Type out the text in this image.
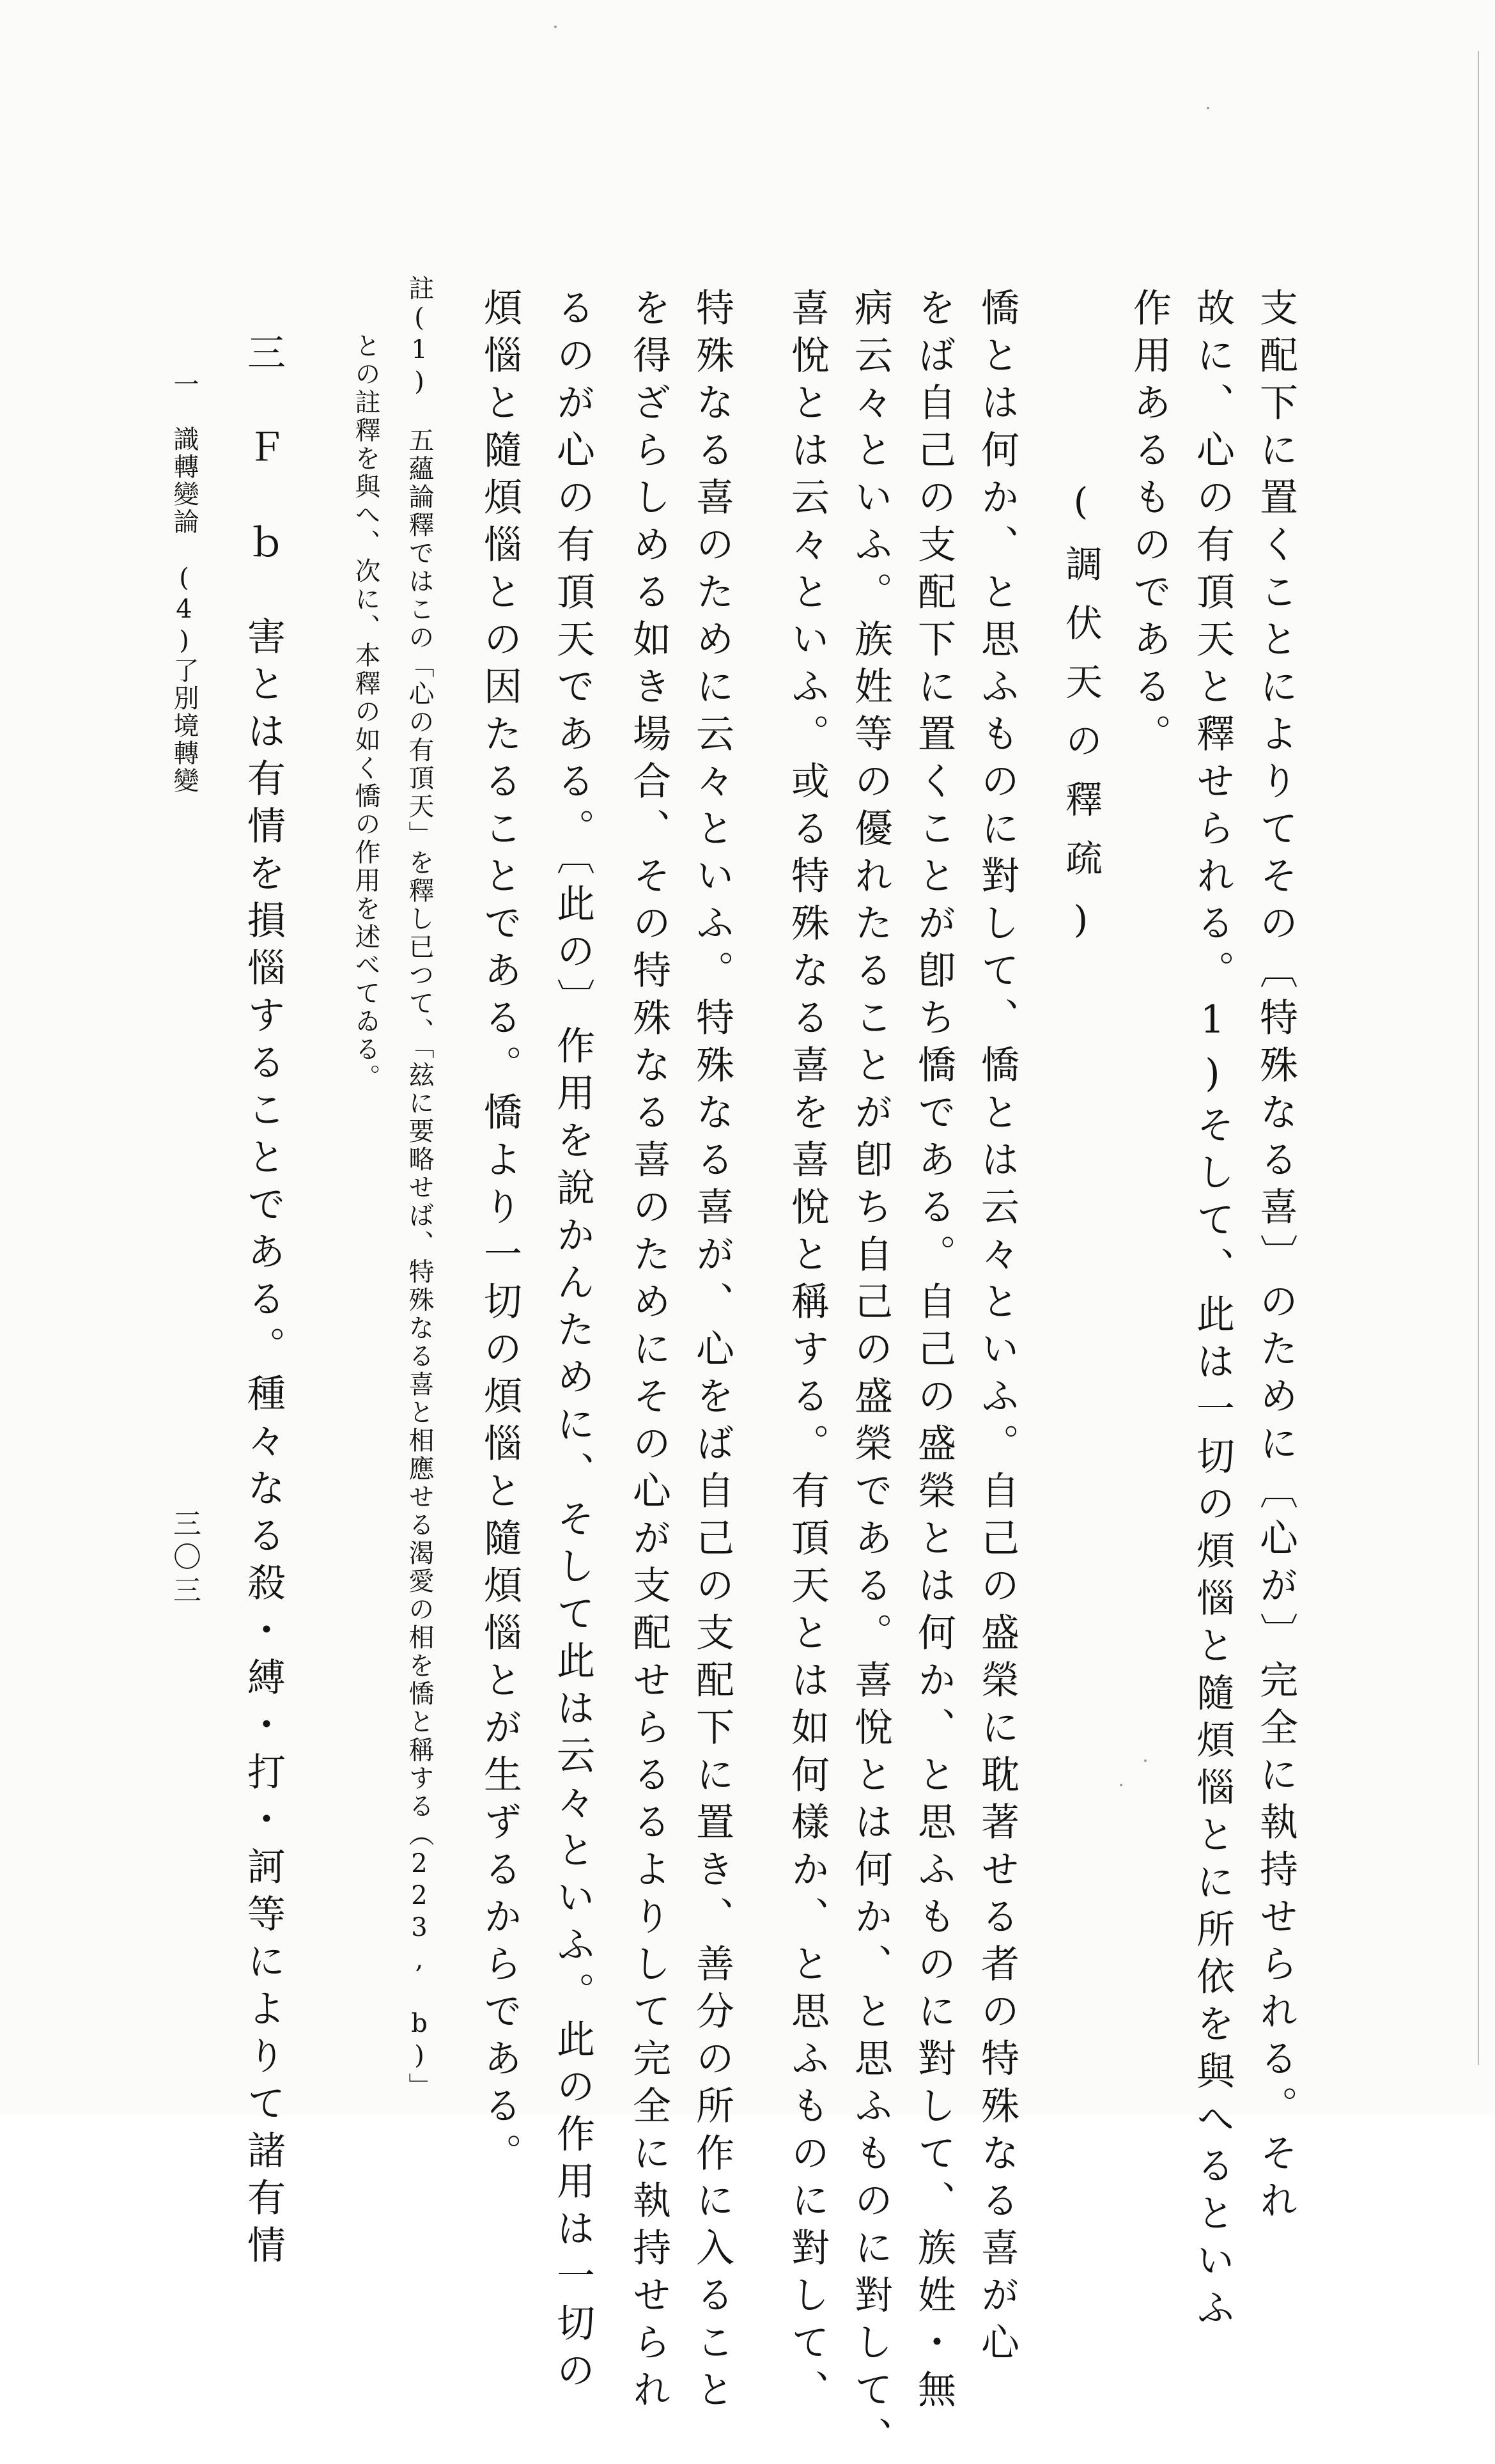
支配下に置くことによりてその〔特殊なる喜〕のために〔心が〕完全に執持せられる。それ
故に、心の有頂天と釋せられる。1)そして、此は一切の煩惱と隨煩惱とに所依を與へるといふ
作用あるものである。
(調伏天の釋疏)
憍とは何か、と思ふものに對して、憍とは云々といふ。自己の盛榮に耽著せる者の特殊なる喜が心
をば自己の支配下に置くことが卽ち憍である。自己の盛榮とは何か、と思ふものに對して、族姓・無
病云々といふ。族姓等の優れたることが卽ち自己の盛榮である。喜悅とは何か、と思ふものに對して、
喜悅とは云々といふ。或る特殊なる喜を喜悅と稱する。有頂天とは如何樣か、と思ふものに對して、
特殊なる喜のために云々といふ。特殊なる喜が、心をば自己の支配下に置き、善分の所作に入ること
を得ざらしめる如き場合、その特殊なる喜のためにその心が支配せらるるよりして完全に執持せられ
るのが心の有頂天である。〔此の〕作用を說かんために、そして此は云々といふ。此の作用は一切の
煩惱と隨煩惱との因たることである。憍より一切の煩惱と隨煩惱とが生ずるからである。
註(1)　五蘊論釋ではこの「心の有頂天」を釋し已つて、「玆に要略せば、特殊なる喜と相應せる渴愛の相を憍と稱する（223, b)」
との註釋を與へ、次に、本釋の如く憍の作用を述べてゐる。
三　Ｆ　ｂ　害とは有情を損惱することである。種々なる殺・縛・打・訶等によりて諸有情
一　識轉變論　(4)了別境轉變
三〇三
